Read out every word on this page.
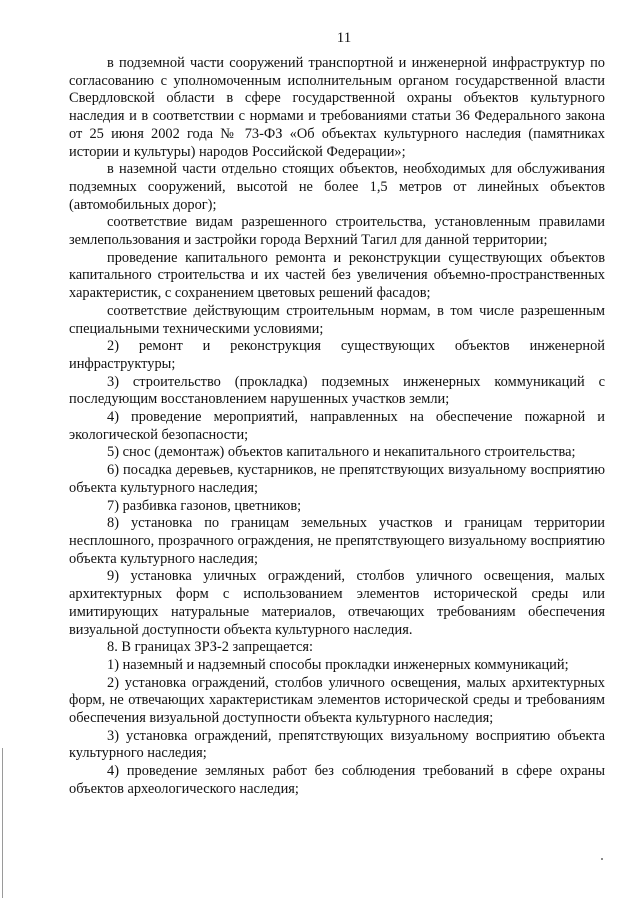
11

в подземной части сооружений транспортной и инженерной инфраструктур по согласованию с уполномоченным исполнительным органом государственной власти Свердловской области в сфере государственной охраны объектов культурного наследия и в соответствии с нормами и требованиями статьи 36 Федерального закона от 25 июня 2002 года № 73-ФЗ «Об объектах культурного наследия (памятниках истории и культуры) народов Российской Федерации»;

в наземной части отдельно стоящих объектов, необходимых для обслуживания подземных сооружений, высотой не более 1,5 метров от линейных объектов (автомобильных дорог);

соответствие видам разрешенного строительства, установленным правилами землепользования и застройки города Верхний Тагил для данной территории;

проведение капитального ремонта и реконструкции существующих объектов капитального строительства и их частей без увеличения объемно-пространственных характеристик, с сохранением цветовых решений фасадов;

соответствие действующим строительным нормам, в том числе разрешенным специальными техническими условиями;

2) ремонт и реконструкция существующих объектов инженерной инфраструктуры;

3) строительство (прокладка) подземных инженерных коммуникаций с последующим восстановлением нарушенных участков земли;

4) проведение мероприятий, направленных на обеспечение пожарной и экологической безопасности;

5) снос (демонтаж) объектов капитального и некапитального строительства;

6) посадка деревьев, кустарников, не препятствующих визуальному восприятию объекта культурного наследия;

7) разбивка газонов, цветников;

8) установка по границам земельных участков и границам территории несплошного, прозрачного ограждения, не препятствующего визуальному восприятию объекта культурного наследия;

9) установка уличных ограждений, столбов уличного освещения, малых архитектурных форм с использованием элементов исторической среды или имитирующих натуральные материалов, отвечающих требованиям обеспечения визуальной доступности объекта культурного наследия.

8. В границах ЗРЗ-2 запрещается:

1) наземный и надземный способы прокладки инженерных коммуникаций;

2) установка ограждений, столбов уличного освещения, малых архитектурных форм, не отвечающих характеристикам элементов исторической среды и требованиям обеспечения визуальной доступности объекта культурного наследия;

3) установка ограждений, препятствующих визуальному восприятию объекта культурного наследия;

4) проведение земляных работ без соблюдения требований в сфере охраны объектов археологического наследия;
